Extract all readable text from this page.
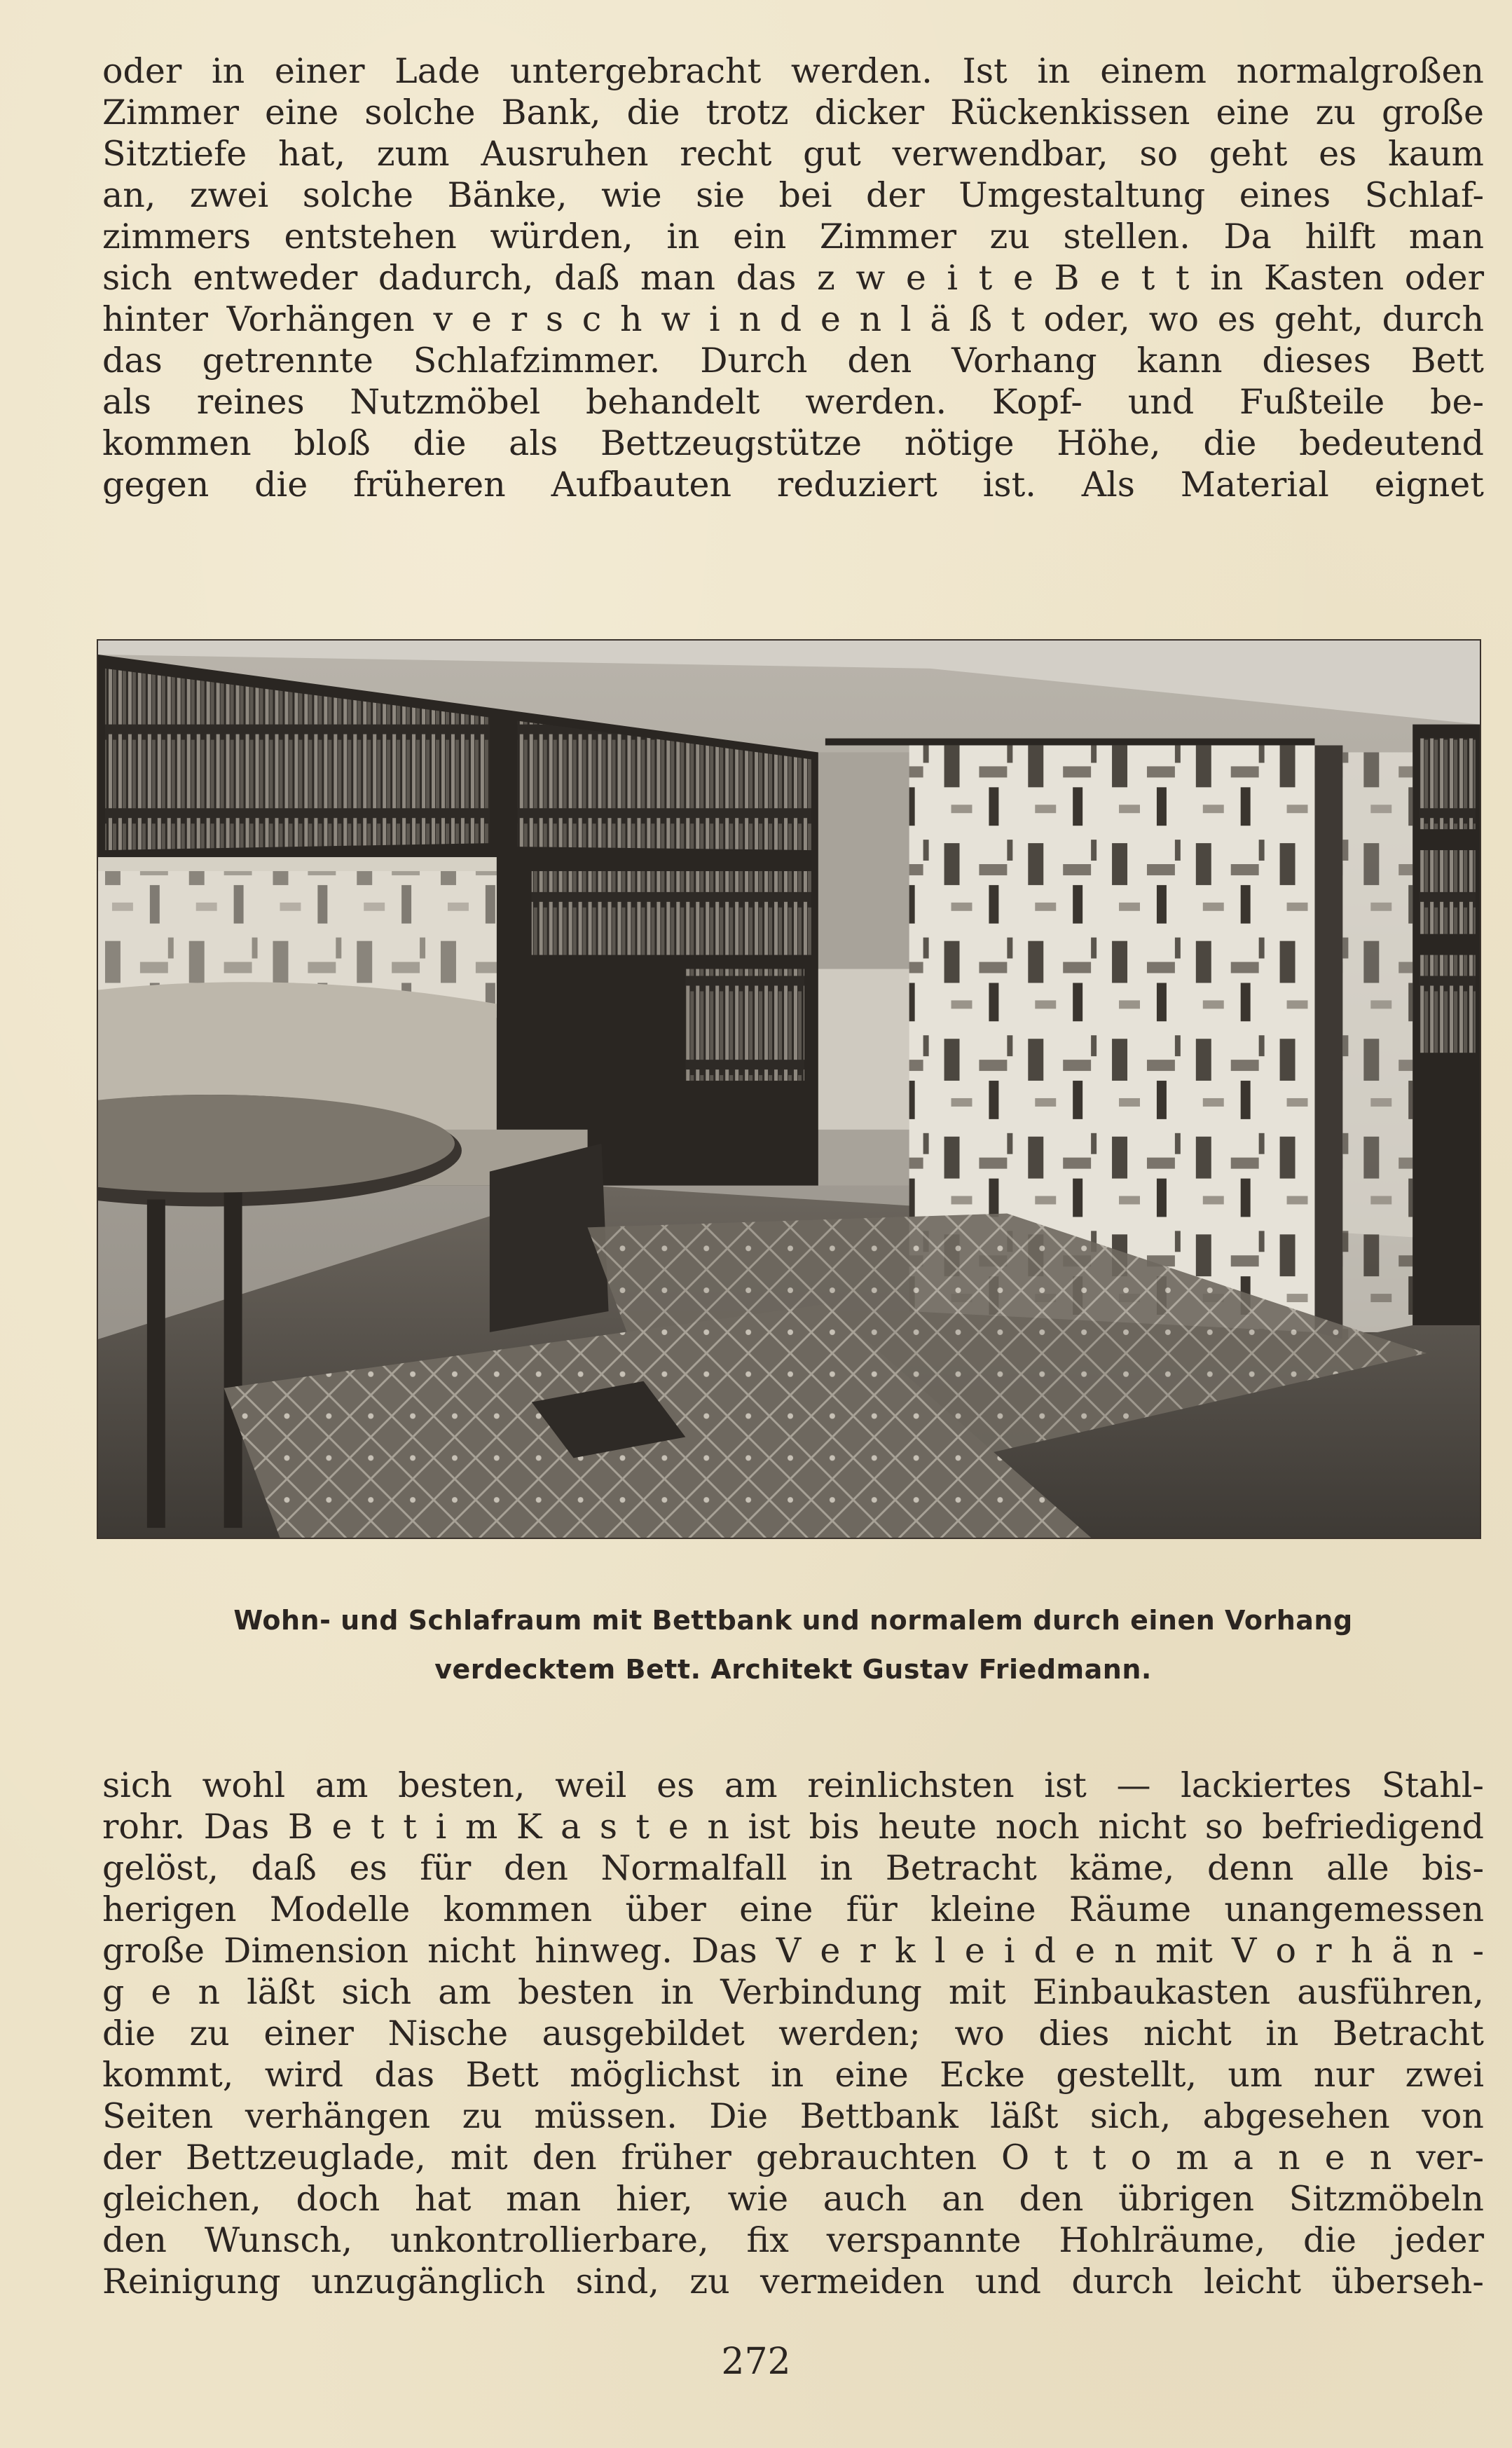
oder in einer Lade untergebracht werden. Ist in einem normalgroßen
Zimmer eine solche Bank, die trotz dicker Rückenkissen eine zu große
Sitztiefe hat, zum Ausruhen recht gut verwendbar, so geht es kaum
an, zwei solche Bänke, wie sie bei der Umgestaltung eines Schlaf-
zimmers entstehen würden, in ein Zimmer zu stellen. Da hilft man
sich entweder dadurch, daß man das z w e i t e B e t t in Kasten oder
hinter Vorhängen v e r s c h w i n d e n l ä ß t oder, wo es geht, durch
das getrennte Schlafzimmer. Durch den Vorhang kann dieses Bett
als reines Nutzmöbel behandelt werden. Kopf- und Fußteile be-
kommen bloß die als Bettzeugstütze nötige Höhe, die bedeutend
gegen die früheren Aufbauten reduziert ist. Als Material eignet
Wohn- und Schlafraum mit Bettbank und normalem durch einen Vorhang
verdecktem Bett. Architekt Gustav Friedmann.
sich wohl am besten, weil es am reinlichsten ist — lackiertes Stahl-
rohr. Das B e t t i m K a s t e n ist bis heute noch nicht so befriedigend
gelöst, daß es für den Normalfall in Betracht käme, denn alle bis-
herigen Modelle kommen über eine für kleine Räume unangemessen
große Dimension nicht hinweg. Das V e r k l e i d e n mit V o r h ä n -
g e n läßt sich am besten in Verbindung mit Einbaukasten ausführen,
die zu einer Nische ausgebildet werden; wo dies nicht in Betracht
kommt, wird das Bett möglichst in eine Ecke gestellt, um nur zwei
Seiten verhängen zu müssen. Die Bettbank läßt sich, abgesehen von
der Bettzeuglade, mit den früher gebrauchten O t t o m a n e n ver-
gleichen, doch hat man hier, wie auch an den übrigen Sitzmöbeln
den Wunsch, unkontrollierbare, fix verspannte Hohlräume, die jeder
Reinigung unzugänglich sind, zu vermeiden und durch leicht überseh-
272
